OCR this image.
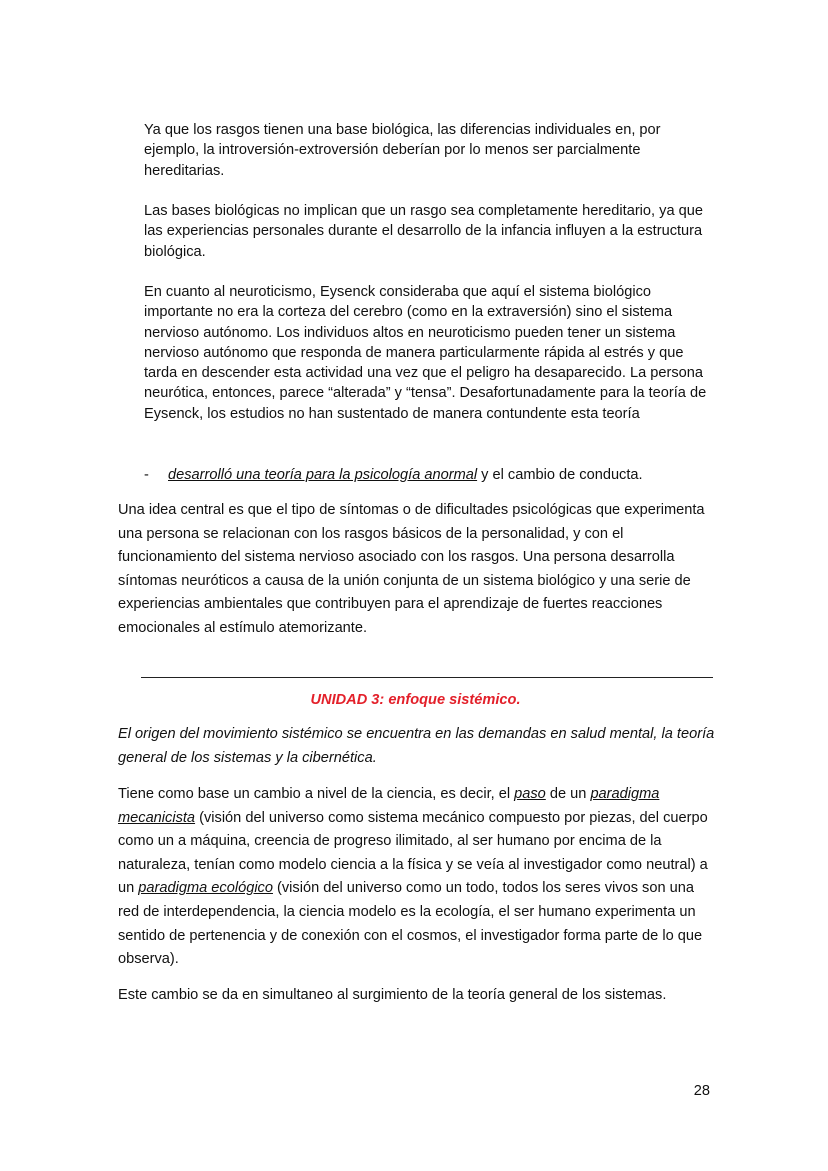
Ya que los rasgos tienen una base biológica, las diferencias individuales en, por ejemplo, la introversión-extroversión deberían por lo menos ser parcialmente hereditarias.

Las bases biológicas no implican que un rasgo sea completamente hereditario, ya que las experiencias personales durante el desarrollo de la infancia influyen a la estructura biológica.

En cuanto al neuroticismo, Eysenck consideraba que aquí el sistema biológico importante no era la corteza del cerebro (como en la extraversión) sino el sistema nervioso autónomo. Los individuos altos en neuroticismo pueden tener un sistema nervioso autónomo que responda de manera particularmente rápida al estrés y que tarda en descender esta actividad una vez que el peligro ha desaparecido. La persona neurótica, entonces, parece “alterada” y “tensa”. Desafortunadamente para la teoría de Eysenck, los estudios no han sustentado de manera contundente esta teoría

- desarrolló una teoría para la psicología anormal y el cambio de conducta.

Una idea central es que el tipo de síntomas o de dificultades psicológicas que experimenta una persona se relacionan con los rasgos básicos de la personalidad, y con el funcionamiento del sistema nervioso asociado con los rasgos. Una persona desarrolla síntomas neuróticos a causa de la unión conjunta de un sistema biológico y una serie de experiencias ambientales que contribuyen para el aprendizaje de fuertes reacciones emocionales al estímulo atemorizante.

UNIDAD 3: enfoque sistémico.

El origen del movimiento sistémico se encuentra en las demandas en salud mental, la teoría general de los sistemas y la cibernética.

Tiene como base un cambio a nivel de la ciencia, es decir, el paso de un paradigma mecanicista (visión del universo como sistema mecánico compuesto por piezas, del cuerpo como un a máquina, creencia de progreso ilimitado, al ser humano por encima de la naturaleza, tenían como modelo ciencia a la física y se veía al investigador como neutral) a un paradigma ecológico (visión del universo como un todo, todos los seres vivos son una red de interdependencia, la ciencia modelo es la ecología, el ser humano experimenta un sentido de pertenencia y de conexión con el cosmos, el investigador forma parte de lo que observa).

Este cambio se da en simultaneo al surgimiento de la teoría general de los sistemas.

28
